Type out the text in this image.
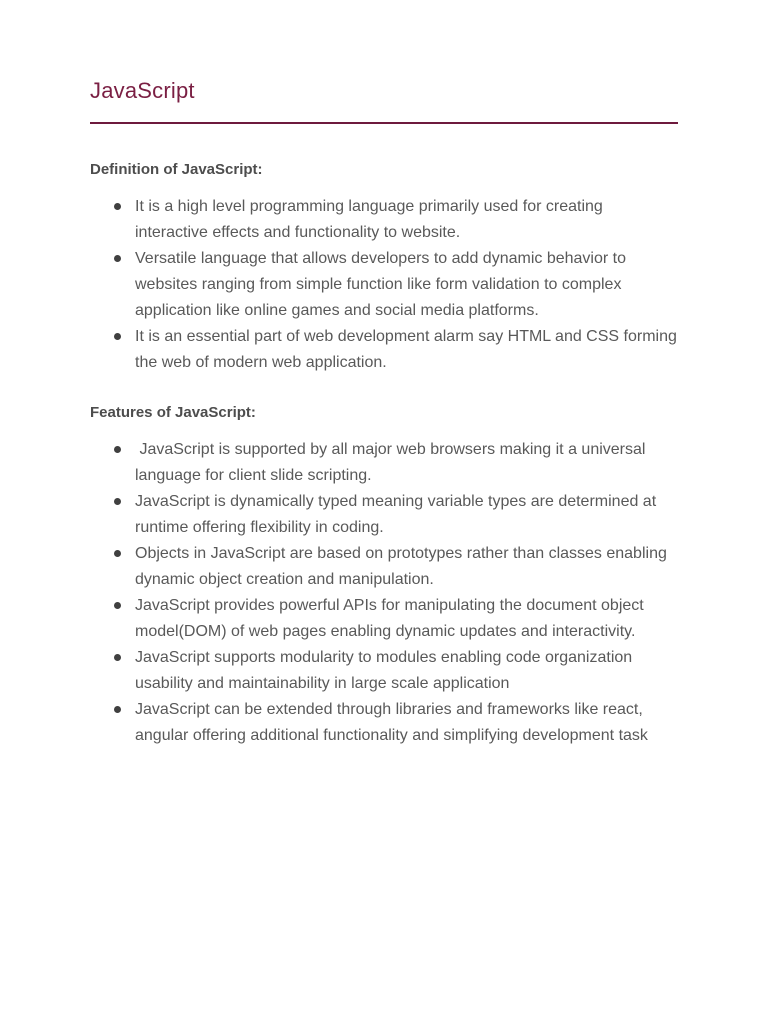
JavaScript
Definition of JavaScript:
It is a high level programming language primarily used for creating interactive effects and functionality to website.
Versatile language that allows developers to add dynamic behavior to websites ranging from simple function like form validation to complex application like online games and social media platforms.
It is an essential part of web development alarm say HTML and CSS forming the web of modern web application.
Features of JavaScript:
JavaScript is supported by all major web browsers making it a universal language for client slide scripting.
JavaScript is dynamically typed meaning variable types are determined at runtime offering flexibility in coding.
Objects in JavaScript are based on prototypes rather than classes enabling dynamic object creation and manipulation.
JavaScript provides powerful APIs for manipulating the document object model(DOM) of web pages enabling dynamic updates and interactivity.
JavaScript supports modularity to modules enabling code organization usability and maintainability in large scale application
JavaScript can be extended through libraries and frameworks like react, angular offering additional functionality and simplifying development task
